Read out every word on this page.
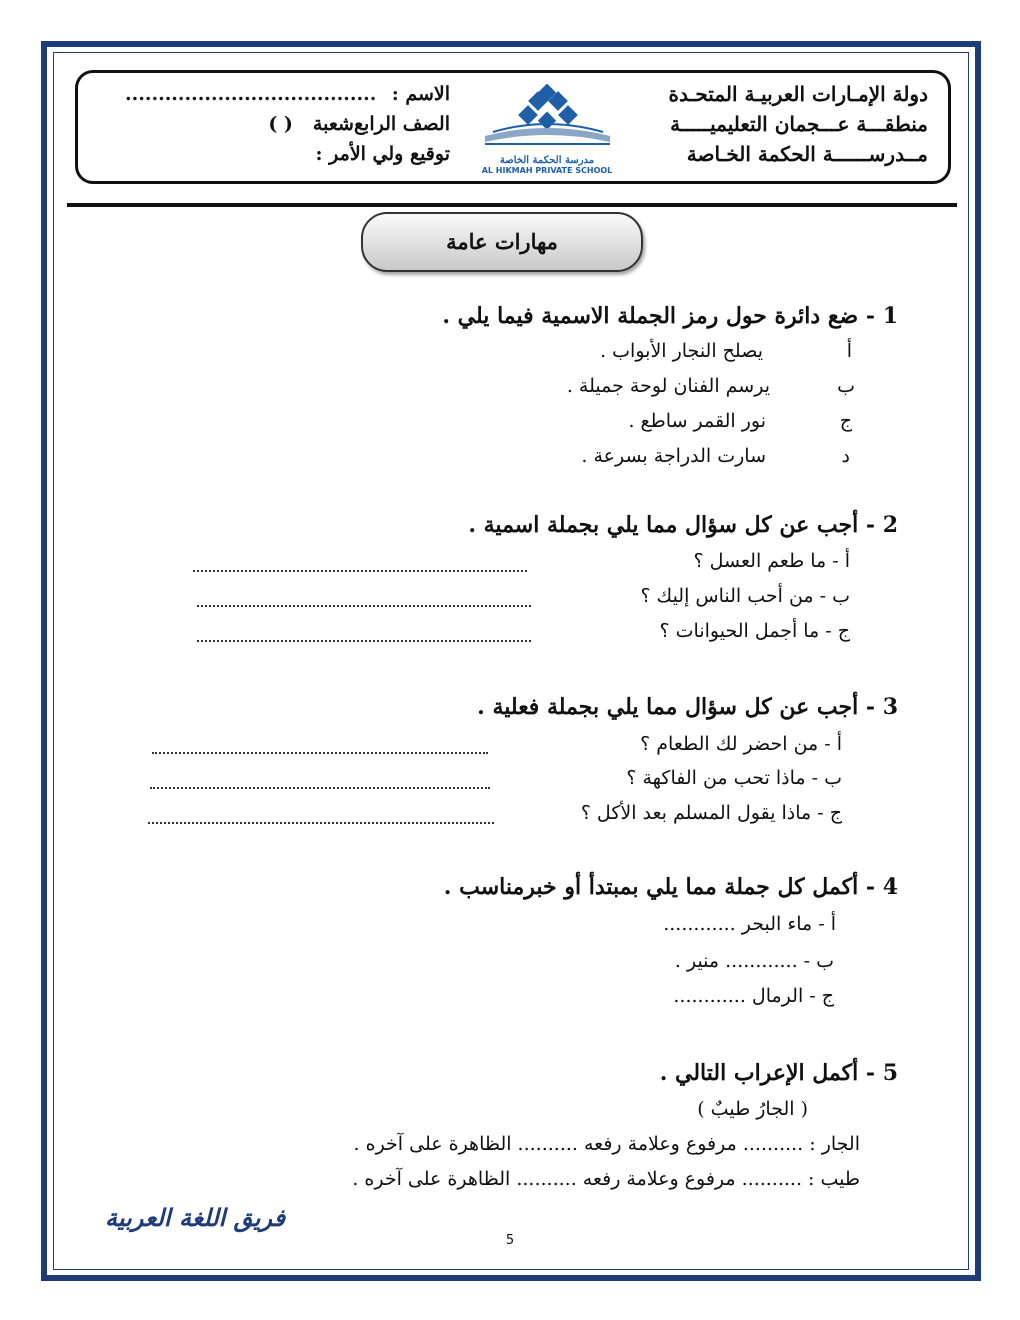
دولة الإمـارات العربيـة المتحـدة
منطقـــة عـــجمان التعليميـــــة
مــدرســــــة الحكمة الخـاصة
مدرسة الحكمة الخاصة
AL HIKMAH PRIVATE SCHOOL
الاسم :
......................................
الصف الرابع
شعبة
( )
توقيع ولي الأمر :
مهارات عامة
1 - ضع دائرة حول رمز الجملة الاسمية فيما يلي .
أ
يصلح النجار الأبواب .
ب
يرسم الفنان لوحة جميلة .
ج
نور القمر ساطع .
د
سارت الدراجة بسرعة .
2 - أجب عن كل سؤال مما يلي بجملة اسمية .
أ - ما طعم العسل ؟
ب - من أحب الناس إليك ؟
ج - ما أجمل الحيوانات ؟
3 - أجب عن كل سؤال مما يلي بجملة فعلية .
أ - من احضر لك الطعام ؟
ب - ماذا تحب من الفاكهة ؟
ج - ماذا يقول المسلم بعد الأكل ؟
4 - أكمل كل جملة مما يلي بمبتدأ أو خبرمناسب .
أ - ماء البحر ............
ب - ............ منير .
ج - الرمال ............
5 - أكمل الإعراب التالي .
( الجارُ طيبٌ )
الجار : .......... مرفوع وعلامة رفعه .......... الظاهرة على آخره .
طيب : .......... مرفوع وعلامة رفعه .......... الظاهرة على آخره .
فريق اللغة العربية
5
